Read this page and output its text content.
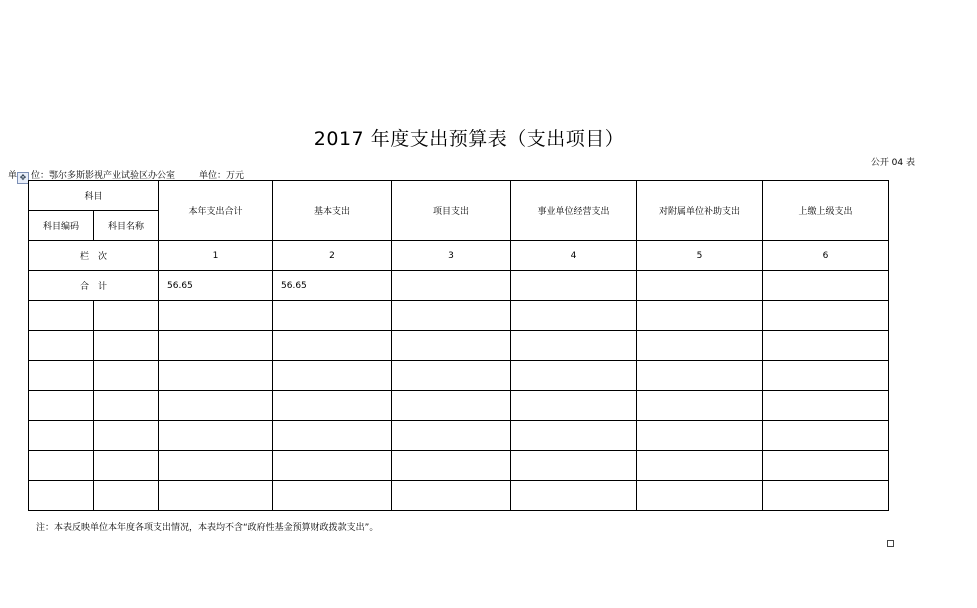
2017 年度支出预算表（支出项目）
公开 04 表
单 ✥ 位：鄂尔多斯影视产业试验区办公室	单位：万元
科目		本年支出合计	基本支出	项目支出	事业单位经营支出	对附属单位补助支出	上缴上级支出
科目编码	科目名称						
栏　次		1	2	3	4	5	6
合　计		56.65	56.65				

注：本表反映单位本年度各项支出情况，本表均不含“政府性基金预算财政拨款支出”。
